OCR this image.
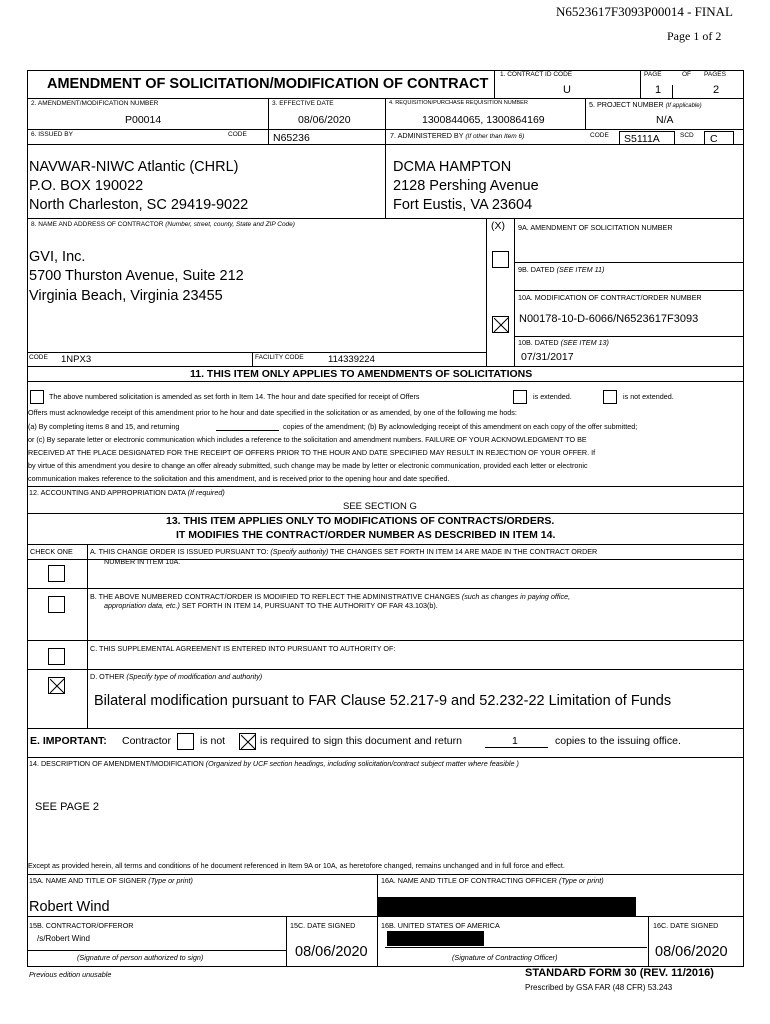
N6523617F3093P00014 - FINAL
Page 1 of 2
AMENDMENT OF SOLICITATION/MODIFICATION OF CONTRACT
1. CONTRACT ID CODE
U
PAGE	OF PAGES
1	2
2. AMENDMENT/MODIFICATION NUMBER
P00014
3. EFFECTIVE DATE
08/06/2020
4. REQUISITION/PURCHASE REQUISITION NUMBER
1300844065, 1300864169
5. PROJECT NUMBER (If applicable)
N/A
6. ISSUED BY	CODE N65236	7. ADMINISTERED BY (If other than Item 6)	CODE S5111A	SCD C
NAVWAR-NIWC Atlantic (CHRL)
P.O. BOX 190022
North Charleston, SC 29419-9022
DCMA HAMPTON
2128 Pershing Avenue
Fort Eustis, VA 23604
8. NAME AND ADDRESS OF CONTRACTOR (Number, street, county, State and ZIP Code)
GVI, Inc.
5700 Thurston Avenue, Suite 212
Virginia Beach, Virginia 23455
(X) 9A. AMENDMENT OF SOLICITATION NUMBER
9B. DATED (SEE ITEM 11)
10A. MODIFICATION OF CONTRACT/ORDER NUMBER
N00178-10-D-6066/N6523617F3093
10B. DATED (SEE ITEM 13)
07/31/2017
CODE 1NPX3	FACILITY CODE	114339224
11. THIS ITEM ONLY APPLIES TO AMENDMENTS OF SOLICITATIONS
The above numbered solicitation is amended as set forth in Item 14. The hour and date specified for receipt of Offers	is extended.	is not extended.
Offers must acknowledge receipt of this amendment prior to he hour and date specified in the solicitation or as amended, by one of the following me hods:
(a) By completing items 8 and 15, and returning	copies of the amendment; (b) By acknowledging receipt of this amendment on each copy of the offer submitted;
or (c) By separate letter or electronic communication which includes a reference to the solicitation and amendment numbers. FAILURE OF YOUR ACKNOWLEDGMENT TO BE
RECEIVED AT THE PLACE DESIGNATED FOR THE RECEIPT OF OFFERS PRIOR TO THE HOUR AND DATE SPECIFIED MAY RESULT IN REJECTION OF YOUR OFFER. If
by virtue of this amendment you desire to change an offer already submitted, such change may be made by letter or electronic communication, provided each letter or electronic
communication makes reference to the solicitation and this amendment, and is received prior to the opening hour and date specified.
12. ACCOUNTING AND APPROPRIATION DATA (If required)
SEE SECTION G
13. THIS ITEM APPLIES ONLY TO MODIFICATIONS OF CONTRACTS/ORDERS.
IT MODIFIES THE CONTRACT/ORDER NUMBER AS DESCRIBED IN ITEM 14.
CHECK ONE A. THIS CHANGE ORDER IS ISSUED PURSUANT TO: (Specify authority) THE CHANGES SET FORTH IN ITEM 14 ARE MADE IN THE CONTRACT ORDER
NUMBER IN ITEM 10A.
B. THE ABOVE NUMBERED CONTRACT/ORDER IS MODIFIED TO REFLECT THE ADMINISTRATIVE CHANGES (such as changes in paying office,
appropriation data, etc.) SET FORTH IN ITEM 14, PURSUANT TO THE AUTHORITY OF FAR 43.103(b).
C. THIS SUPPLEMENTAL AGREEMENT IS ENTERED INTO PURSUANT TO AUTHORITY OF:
D. OTHER (Specify type of modification and authority)
Bilateral modification pursuant to FAR Clause 52.217-9 and 52.232-22 Limitation of Funds
E. IMPORTANT: Contractor	is not	is required to sign this document and return	1	copies to the issuing office.
14. DESCRIPTION OF AMENDMENT/MODIFICATION (Organized by UCF section headings, including solicitation/contract subject matter where feasible )
SEE PAGE 2
Except as provided herein, all terms and conditions of he document referenced in Item 9A or 10A, as heretofore changed, remains unchanged and in full force and effect.
15A. NAME AND TITLE OF SIGNER (Type or print)
Robert Wind
16A. NAME AND TITLE OF CONTRACTING OFFICER (Type or print)
15B. CONTRACTOR/OFFEROR
/s/Robert Wind
(Signature of person authorized to sign)
15C. DATE SIGNED
08/06/2020
16B. UNITED STATES OF AMERICA
(Signature of Contracting Officer)
16C. DATE SIGNED
08/06/2020
Previous edition unusable	STANDARD FORM 30 (REV. 11/2016)
Prescribed by GSA FAR (48 CFR) 53.243
